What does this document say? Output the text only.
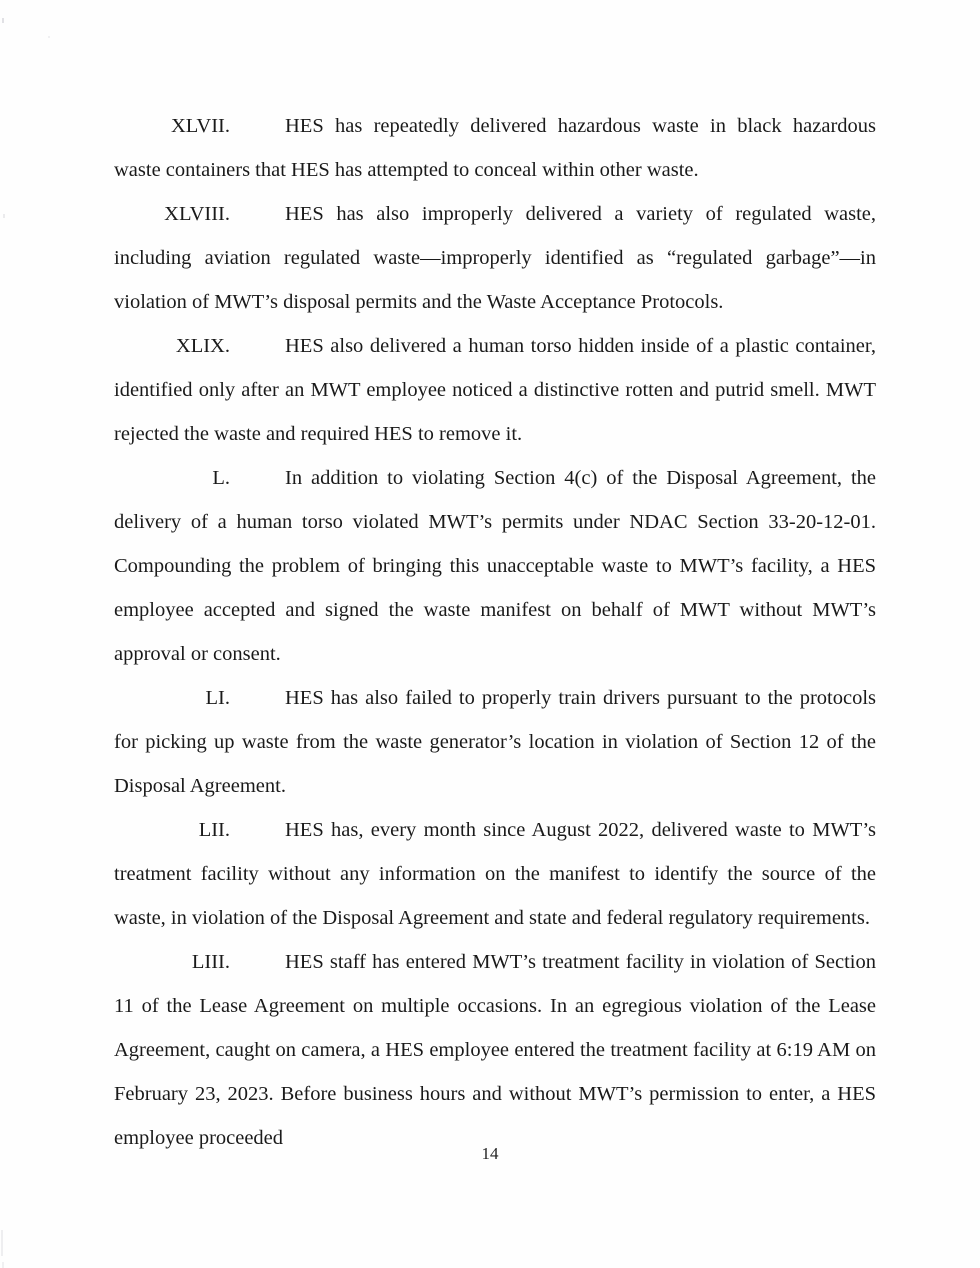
XLVII.	HES has repeatedly delivered hazardous waste in black hazardous waste containers that HES has attempted to conceal within other waste.

XLVIII.	HES has also improperly delivered a variety of regulated waste, including aviation regulated waste—improperly identified as “regulated garbage”—in violation of MWT’s disposal permits and the Waste Acceptance Protocols.

XLIX.	HES also delivered a human torso hidden inside of a plastic container, identified only after an MWT employee noticed a distinctive rotten and putrid smell. MWT rejected the waste and required HES to remove it.

L.	In addition to violating Section 4(c) of the Disposal Agreement, the delivery of a human torso violated MWT’s permits under NDAC Section 33-20-12-01. Compounding the problem of bringing this unacceptable waste to MWT’s facility, a HES employee accepted and signed the waste manifest on behalf of MWT without MWT’s approval or consent.

LI.	HES has also failed to properly train drivers pursuant to the protocols for picking up waste from the waste generator’s location in violation of Section 12 of the Disposal Agreement.

LII.	HES has, every month since August 2022, delivered waste to MWT’s treatment facility without any information on the manifest to identify the source of the waste, in violation of the Disposal Agreement and state and federal regulatory requirements.

LIII.	HES staff has entered MWT’s treatment facility in violation of Section 11 of the Lease Agreement on multiple occasions. In an egregious violation of the Lease Agreement, caught on camera, a HES employee entered the treatment facility at 6:19 AM on February 23, 2023. Before business hours and without MWT’s permission to enter, a HES employee proceeded

14
